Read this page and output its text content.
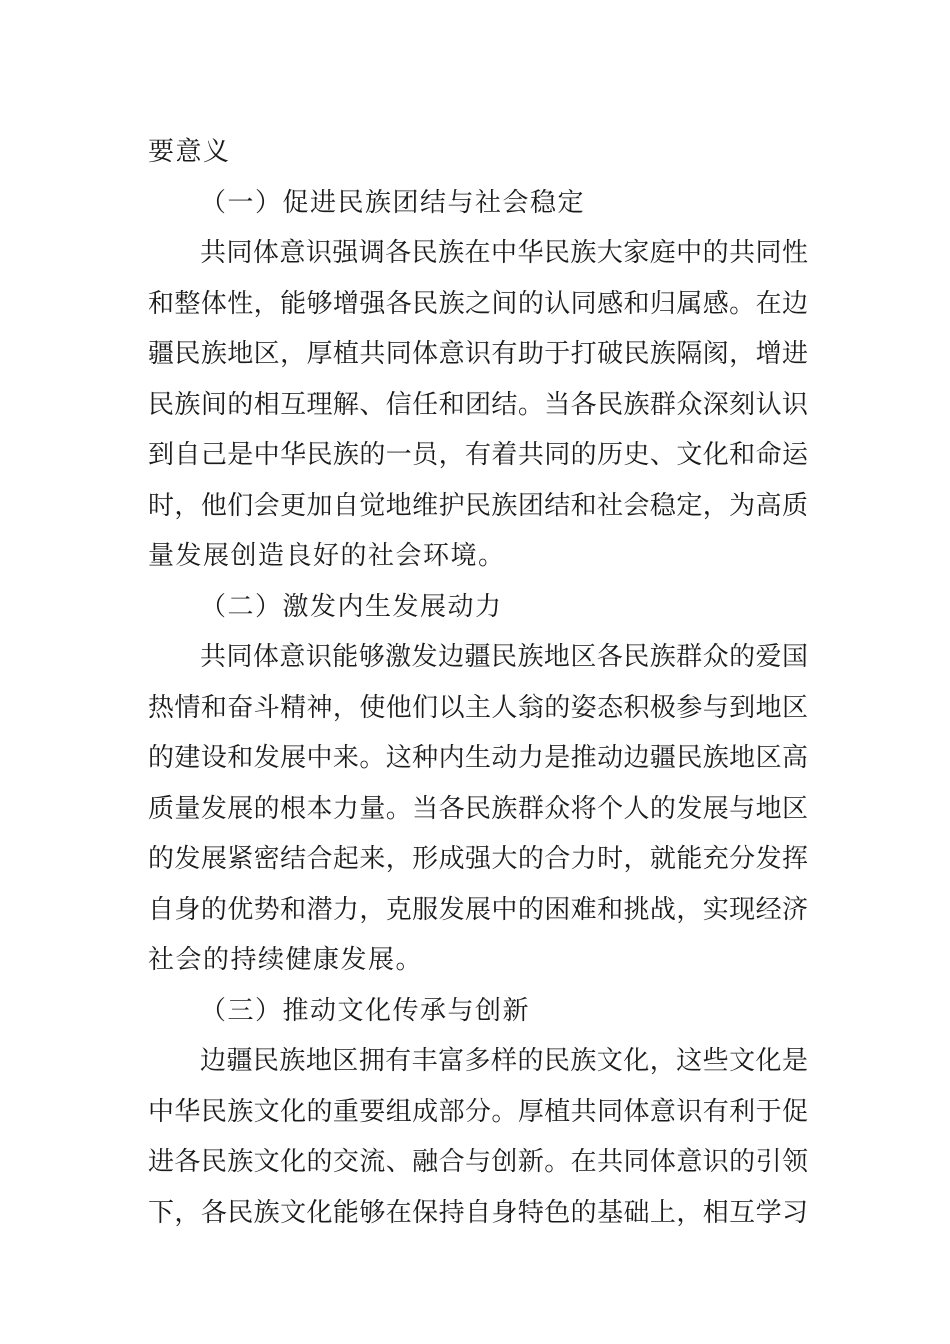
要意义
（一）促进民族团结与社会稳定
共同体意识强调各民族在中华民族大家庭中的共同性
和整体性，能够增强各民族之间的认同感和归属感。在边
疆民族地区，厚植共同体意识有助于打破民族隔阂，增进
民族间的相互理解、信任和团结。当各民族群众深刻认识
到自己是中华民族的一员，有着共同的历史、文化和命运
时，他们会更加自觉地维护民族团结和社会稳定，为高质
量发展创造良好的社会环境。
（二）激发内生发展动力
共同体意识能够激发边疆民族地区各民族群众的爱国
热情和奋斗精神，使他们以主人翁的姿态积极参与到地区
的建设和发展中来。这种内生动力是推动边疆民族地区高
质量发展的根本力量。当各民族群众将个人的发展与地区
的发展紧密结合起来，形成强大的合力时，就能充分发挥
自身的优势和潜力，克服发展中的困难和挑战，实现经济
社会的持续健康发展。
（三）推动文化传承与创新
边疆民族地区拥有丰富多样的民族文化，这些文化是
中华民族文化的重要组成部分。厚植共同体意识有利于促
进各民族文化的交流、融合与创新。在共同体意识的引领
下，各民族文化能够在保持自身特色的基础上，相互学习
